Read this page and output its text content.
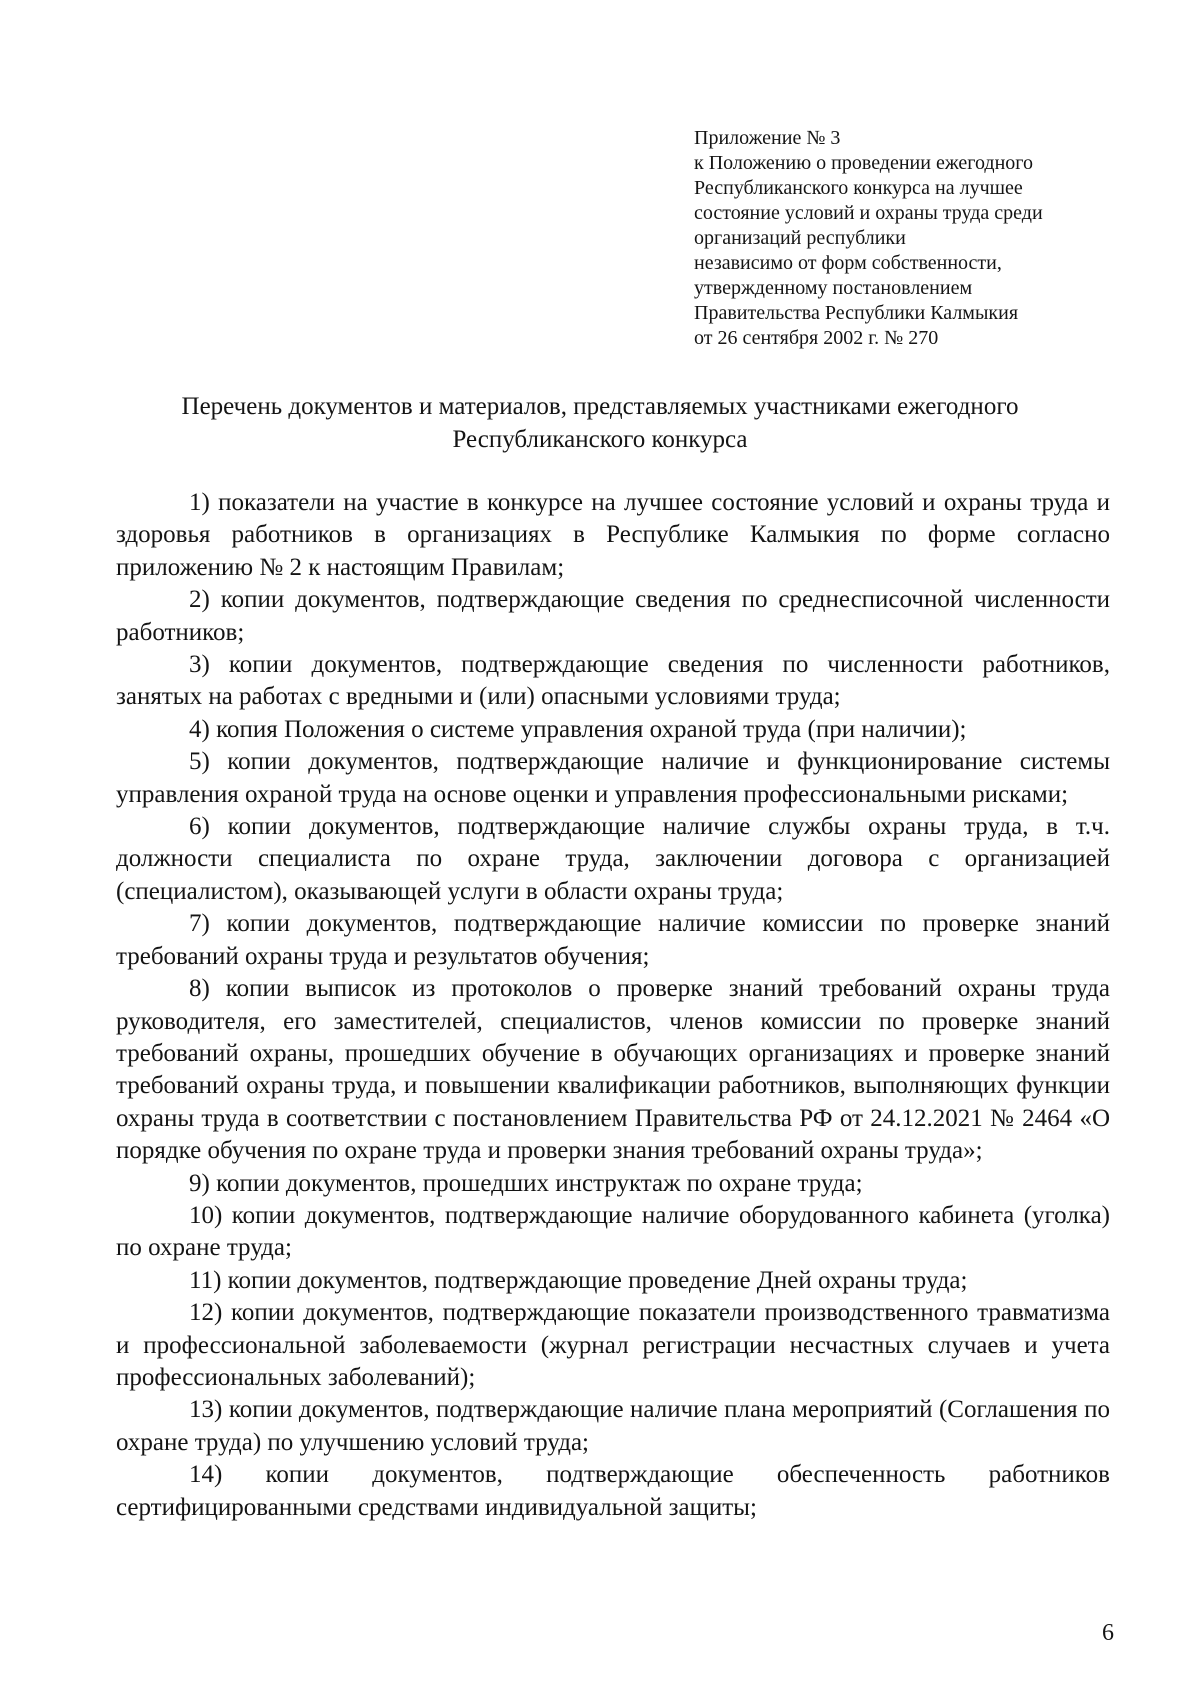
Приложение № 3
к Положению о проведении ежегодного
Республиканского конкурса на лучшее
состояние условий и охраны труда среди
организаций республики
независимо от форм собственности,
утвержденному постановлением
Правительства Республики Калмыкия
от 26 сентября 2002 г. № 270
Перечень документов и материалов, представляемых участниками ежегодного
Республиканского конкурса

1) показатели на участие в конкурсе на лучшее состояние условий и охраны труда и здоровья работников в организациях в Республике Калмыкия по форме согласно приложению № 2 к настоящим Правилам;

2) копии документов, подтверждающие сведения по среднесписочной численности работников;

3) копии документов, подтверждающие сведения по численности работников, занятых на работах с вредными и (или) опасными условиями труда;

4) копия Положения о системе управления охраной труда (при наличии);

5) копии документов, подтверждающие наличие и функционирование системы управления охраной труда на основе оценки и управления профессиональными рисками;

6) копии документов, подтверждающие наличие службы охраны труда, в т.ч. должности специалиста по охране труда, заключении договора с организацией (специалистом), оказывающей услуги в области охраны труда;

7) копии документов, подтверждающие наличие комиссии по проверке знаний требований охраны труда и результатов обучения;

8) копии выписок из протоколов о проверке знаний требований охраны труда руководителя, его заместителей, специалистов, членов комиссии по проверке знаний требований охраны, прошедших обучение в обучающих организациях и проверке знаний требований охраны труда, и повышении квалификации работников, выполняющих функции охраны труда в соответствии с постановлением Правительства РФ от 24.12.2021 № 2464 «О порядке обучения по охране труда и проверки знания требований охраны труда»;

9) копии документов, прошедших инструктаж по охране труда;

10) копии документов, подтверждающие наличие оборудованного кабинета (уголка) по охране труда;

11) копии документов, подтверждающие проведение Дней охраны труда;

12) копии документов, подтверждающие показатели производственного травматизма и профессиональной заболеваемости (журнал регистрации несчастных случаев и учета профессиональных заболеваний);

13) копии документов, подтверждающие наличие плана мероприятий (Соглашения по охране труда) по улучшению условий труда;

14) копии документов, подтверждающие обеспеченность работников сертифицированными средствами индивидуальной защиты;

6
